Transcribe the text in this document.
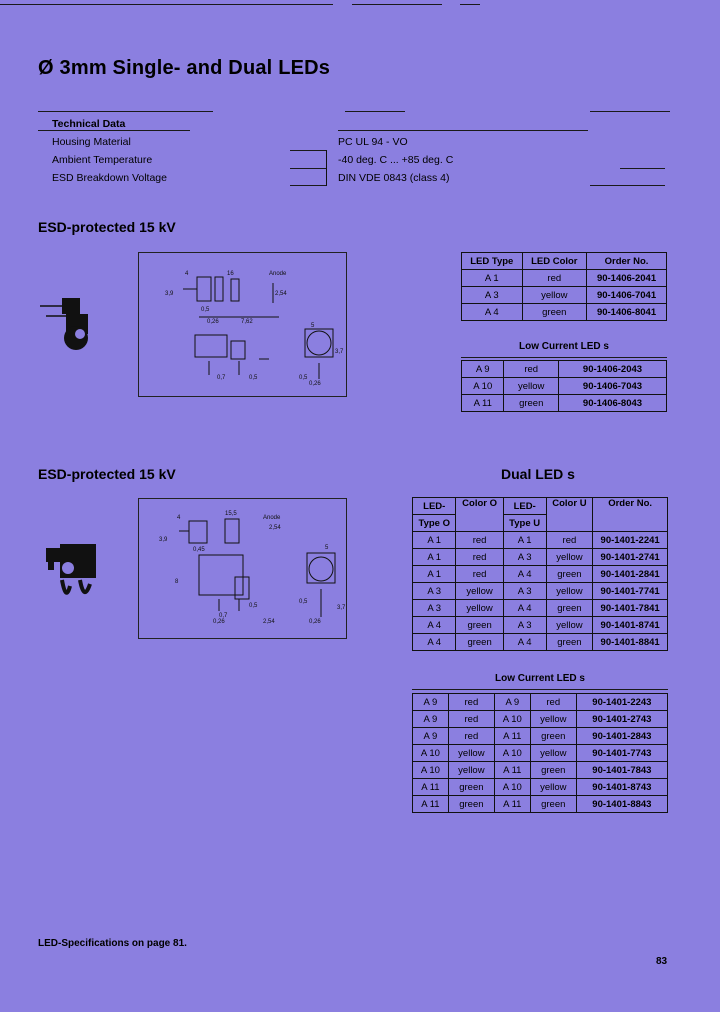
Ø 3mm Single- and Dual LEDs
Technical Data
Housing Material	PC UL 94 - VO
Ambient Temperature	-40 deg. C ... +85 deg. C
ESD Breakdown Voltage	DIN VDE 0843 (class 4)
ESD-protected 15 kV
4	16	Anode
3,9	2,54
0,5
0,26	7,62
5
3,7
0,7	0,5	0,5
0,26
LED Type	LED Color	Order No.
A 1	red	90-1406-2041
A 3	yellow	90-1406-7041
A 4	green	90-1406-8041
Low Current LED s
A 9	red	90-1406-2043
A 10	yellow	90-1406-7043
A 11	green	90-1406-8043
ESD-protected 15 kV	Dual LED s
4
15,5
Anode
3,9
2,54
0,45
8
5
0,7
0,5
0,26	2,54
0,5
3,7
0,26
LED-	Color O	LED-	Color U	Order No.
Type O		Type U		
A 1	red	A 1	red	90-1401-2241
A 1	red	A 3	yellow	90-1401-2741
A 1	red	A 4	green	90-1401-2841
A 3	yellow	A 3	yellow	90-1401-7741
A 3	yellow	A 4	green	90-1401-7841
A 4	green	A 3	yellow	90-1401-8741
A 4	green	A 4	green	90-1401-8841
Low Current LED s
A 9	red	A 9	red	90-1401-2243
A 9	red	A 10	yellow	90-1401-2743
A 9	red	A 11	green	90-1401-2843
A 10	yellow	A 10	yellow	90-1401-7743
A 10	yellow	A 11	green	90-1401-7843
A 11	green	A 10	yellow	90-1401-8743
A 11	green	A 11	green	90-1401-8843
LED-Specifications on page 81.
83
